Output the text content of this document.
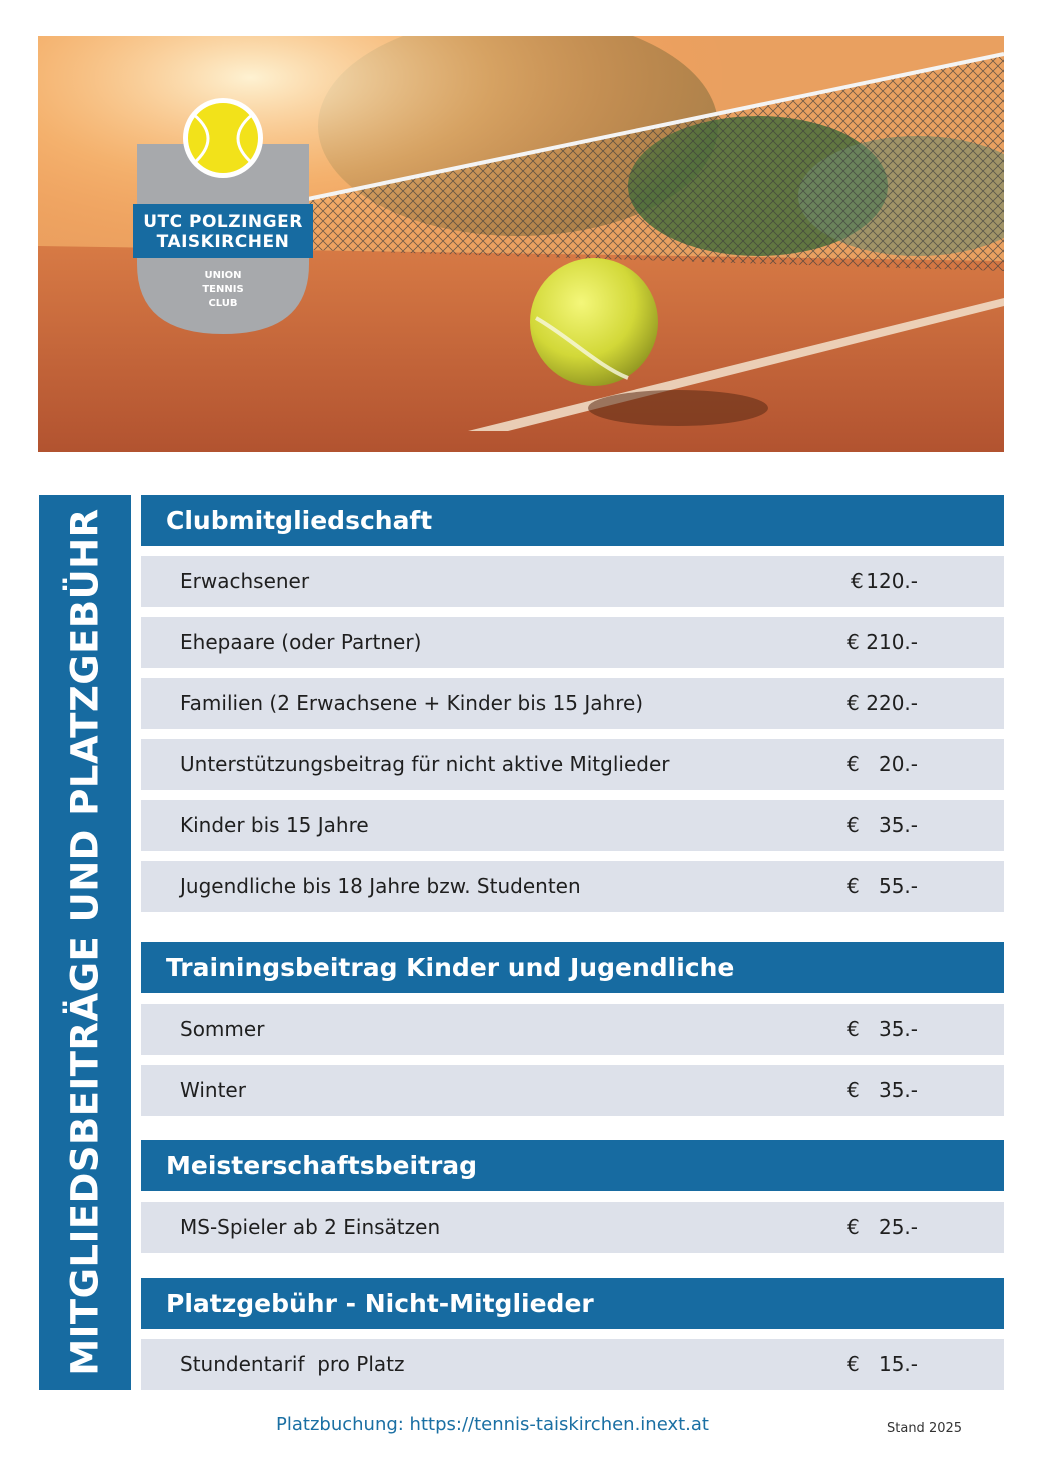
UTC POLZINGER
TAISKIRCHEN
UNION
TENNIS
CLUB
MITGLIEDSBEITRÄGE UND PLATZGEBÜHR	Clubmitgliedschaft
Erwachsener	€ 120.-
Ehepaare (oder Partner)	€ 210.-
Familien (2 Erwachsene + Kinder bis 15 Jahre)	€ 220.-
Unterstützungsbeitrag für nicht aktive Mitglieder	€ 20.-
Kinder bis 15 Jahre	€ 35.-
Jugendliche bis 18 Jahre bzw. Studenten	€ 55.-
Trainingsbeitrag Kinder und Jugendliche
Sommer	€ 35.-
Winter	€ 35.-
Meisterschaftsbeitrag
MS-Spieler ab 2 Einsätzen	€ 25.-
Platzgebühr - Nicht-Mitglieder
Stundentarif  pro Platz	€ 15.-
Platzbuchung: https://tennis-taiskirchen.inext.at	Stand 2025
